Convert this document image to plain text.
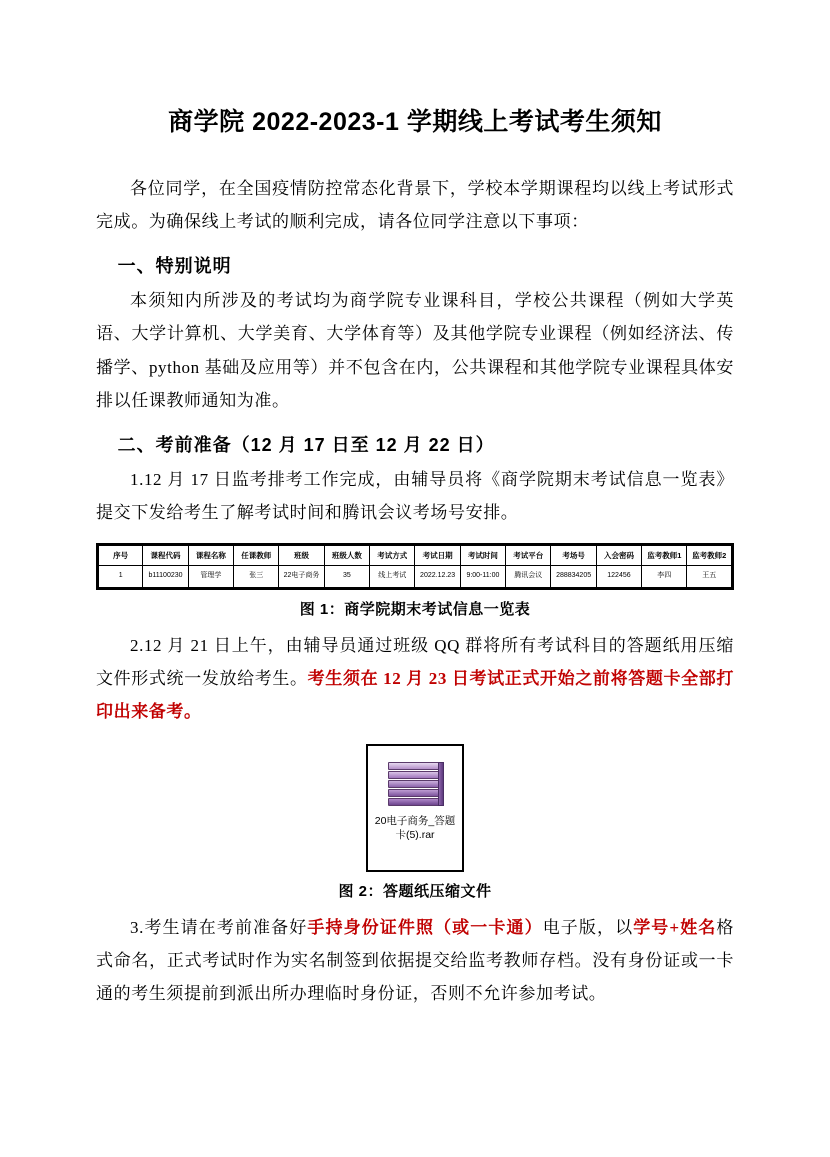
商学院 2022-2023-1 学期线上考试考生须知

各位同学，在全国疫情防控常态化背景下，学校本学期课程均以线上考试形式完成。为确保线上考试的顺利完成，请各位同学注意以下事项：

一、特别说明

本须知内所涉及的考试均为商学院专业课科目，学校公共课程（例如大学英语、大学计算机、大学美育、大学体育等）及其他学院专业课程（例如经济法、传播学、python 基础及应用等）并不包含在内，公共课程和其他学院专业课程具体安排以任课教师通知为准。

二、考前准备（12 月 17 日至 12 月 22 日）

1.12 月 17 日监考排考工作完成，由辅导员将《商学院期末考试信息一览表》提交下发给考生了解考试时间和腾讯会议考场号安排。

序号	课程代码	课程名称	任课教师	班级	班级人数	考试方式	考试日期	考试时间	考试平台	考场号	入会密码	监考教师1	监考教师2
1	b11100230	管理学	张三	22电子商务	35	线上考试	2022.12.23	9:00-11:00	腾讯会议	288834205	122456	李四	王五
图 1：商学院期末考试信息一览表

2.12 月 21 日上午，由辅导员通过班级 QQ 群将所有考试科目的答题纸用压缩文件形式统一发放给考生。考生须在 12 月 23 日考试正式开始之前将答题卡全部打印出来备考。

20电子商务_答题卡(5).rar
图 2：答题纸压缩文件

3.考生请在考前准备好手持身份证件照（或一卡通）电子版，以学号+姓名格式命名，正式考试时作为实名制签到依据提交给监考教师存档。没有身份证或一卡通的考生须提前到派出所办理临时身份证，否则不允许参加考试。
